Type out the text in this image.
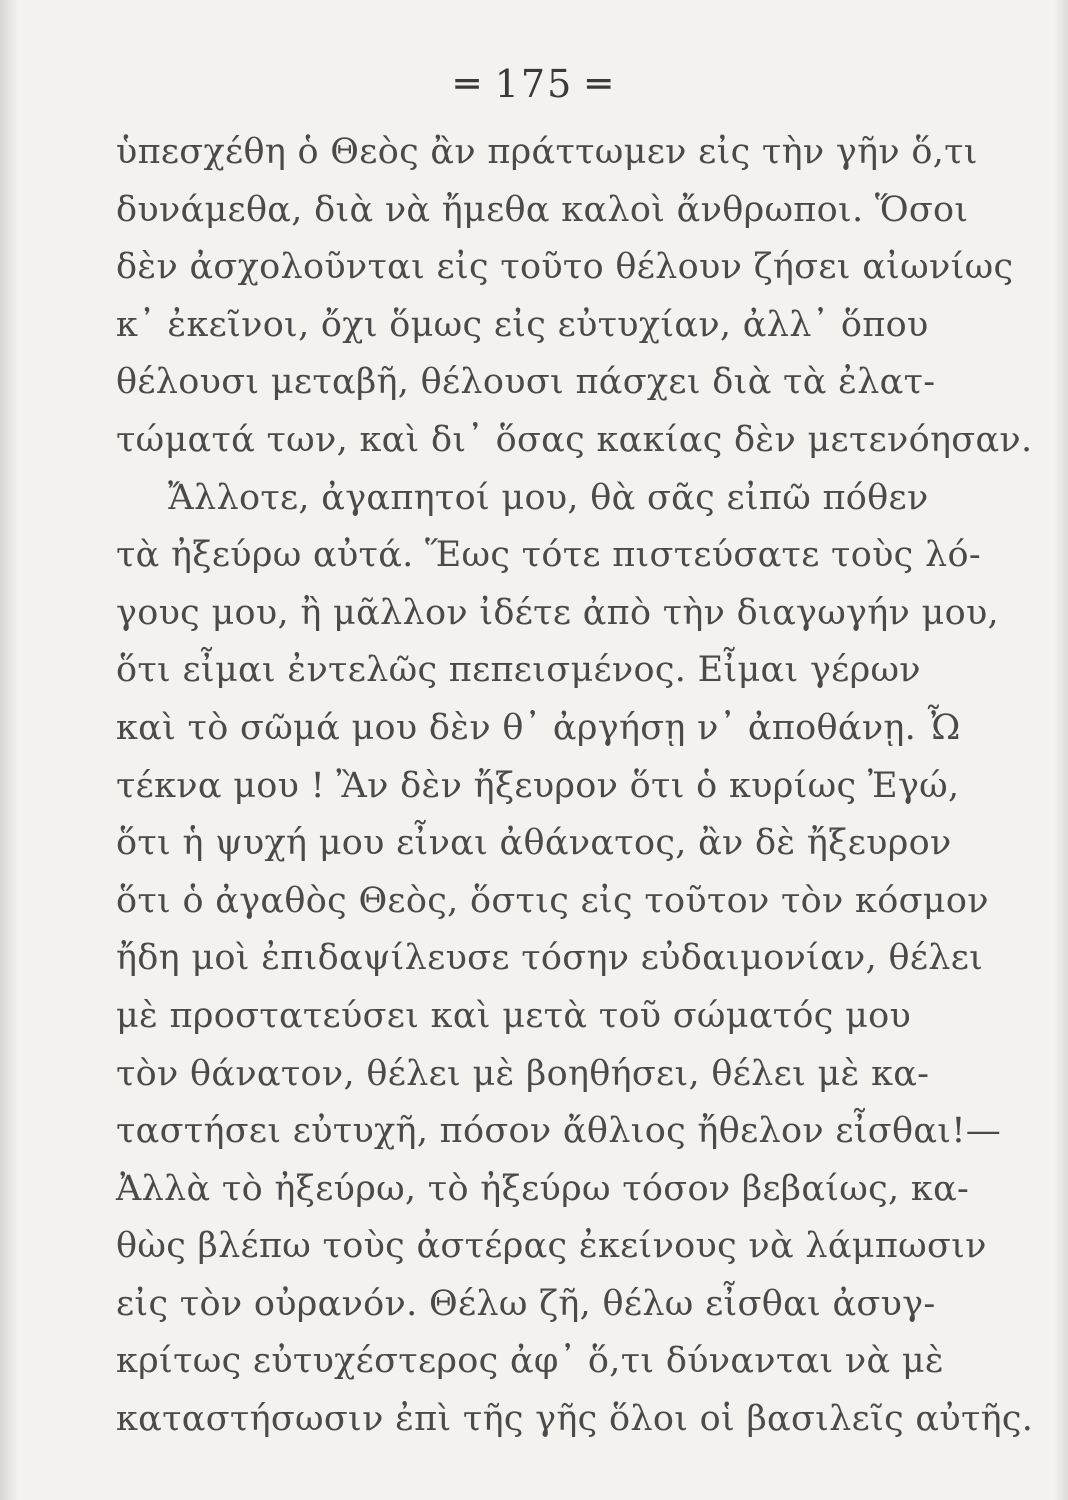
═ 175 ═
ὑπεσχέθη ὁ Θεὸς ἂν πράττωμεν εἰς τὴν γῆν ὅ,τι
δυνάμεθα, διὰ νὰ ἤμεθα καλοὶ ἄνθρωποι. Ὅσοι
δὲν ἀσχολοῦνται εἰς τοῦτο θέλουν ζήσει αἰωνίως
κ᾽ ἐκεῖνοι, ὄχι ὅμως εἰς εὐτυχίαν, ἀλλ᾽ ὅπου
θέλουσι μεταβῆ, θέλουσι πάσχει διὰ τὰ ἐλατ-
τώματά των, καὶ δι᾽ ὅσας κακίας δὲν μετενόησαν.
Ἄλλοτε, ἀγαπητοί μου, θὰ σᾶς εἰπῶ πόθεν
τὰ ἠξεύρω αὐτά. Ἕως τότε πιστεύσατε τοὺς λό-
γους μου, ἢ μᾶλλον ἰδέτε ἀπὸ τὴν διαγωγήν μου,
ὅτι εἶμαι ἐντελῶς πεπεισμένος. Εἶμαι γέρων
καὶ τὸ σῶμά μου δὲν θ᾽ ἀργήσῃ ν᾽ ἀποθάνῃ. Ὦ
τέκνα μου ! Ἂν δὲν ἤξευρον ὅτι ὁ κυρίως Ἐγώ,
ὅτι ἡ ψυχή μου εἶναι ἀθάνατος, ἂν δὲ ἤξευρον
ὅτι ὁ ἀγαθὸς Θεὸς, ὅστις εἰς τοῦτον τὸν κόσμον
ἤδη μοὶ ἐπιδαψίλευσε τόσην εὐδαιμονίαν, θέλει
μὲ προστατεύσει καὶ μετὰ τοῦ σώματός μου
τὸν θάνατον, θέλει μὲ βοηθήσει, θέλει μὲ κα-
ταστήσει εὐτυχῆ, πόσον ἄθλιος ἤθελον εἶσθαι!—
Ἀλλὰ τὸ ἠξεύρω, τὸ ἠξεύρω τόσον βεβαίως, κα-
θὼς βλέπω τοὺς ἀστέρας ἐκείνους νὰ λάμπωσιν
εἰς τὸν οὐρανόν. Θέλω ζῆ, θέλω εἶσθαι ἀσυγ-
κρίτως εὐτυχέστερος ἀφ᾽ ὅ,τι δύνανται νὰ μὲ
καταστήσωσιν ἐπὶ τῆς γῆς ὅλοι οἱ βασιλεῖς αὐτῆς.
